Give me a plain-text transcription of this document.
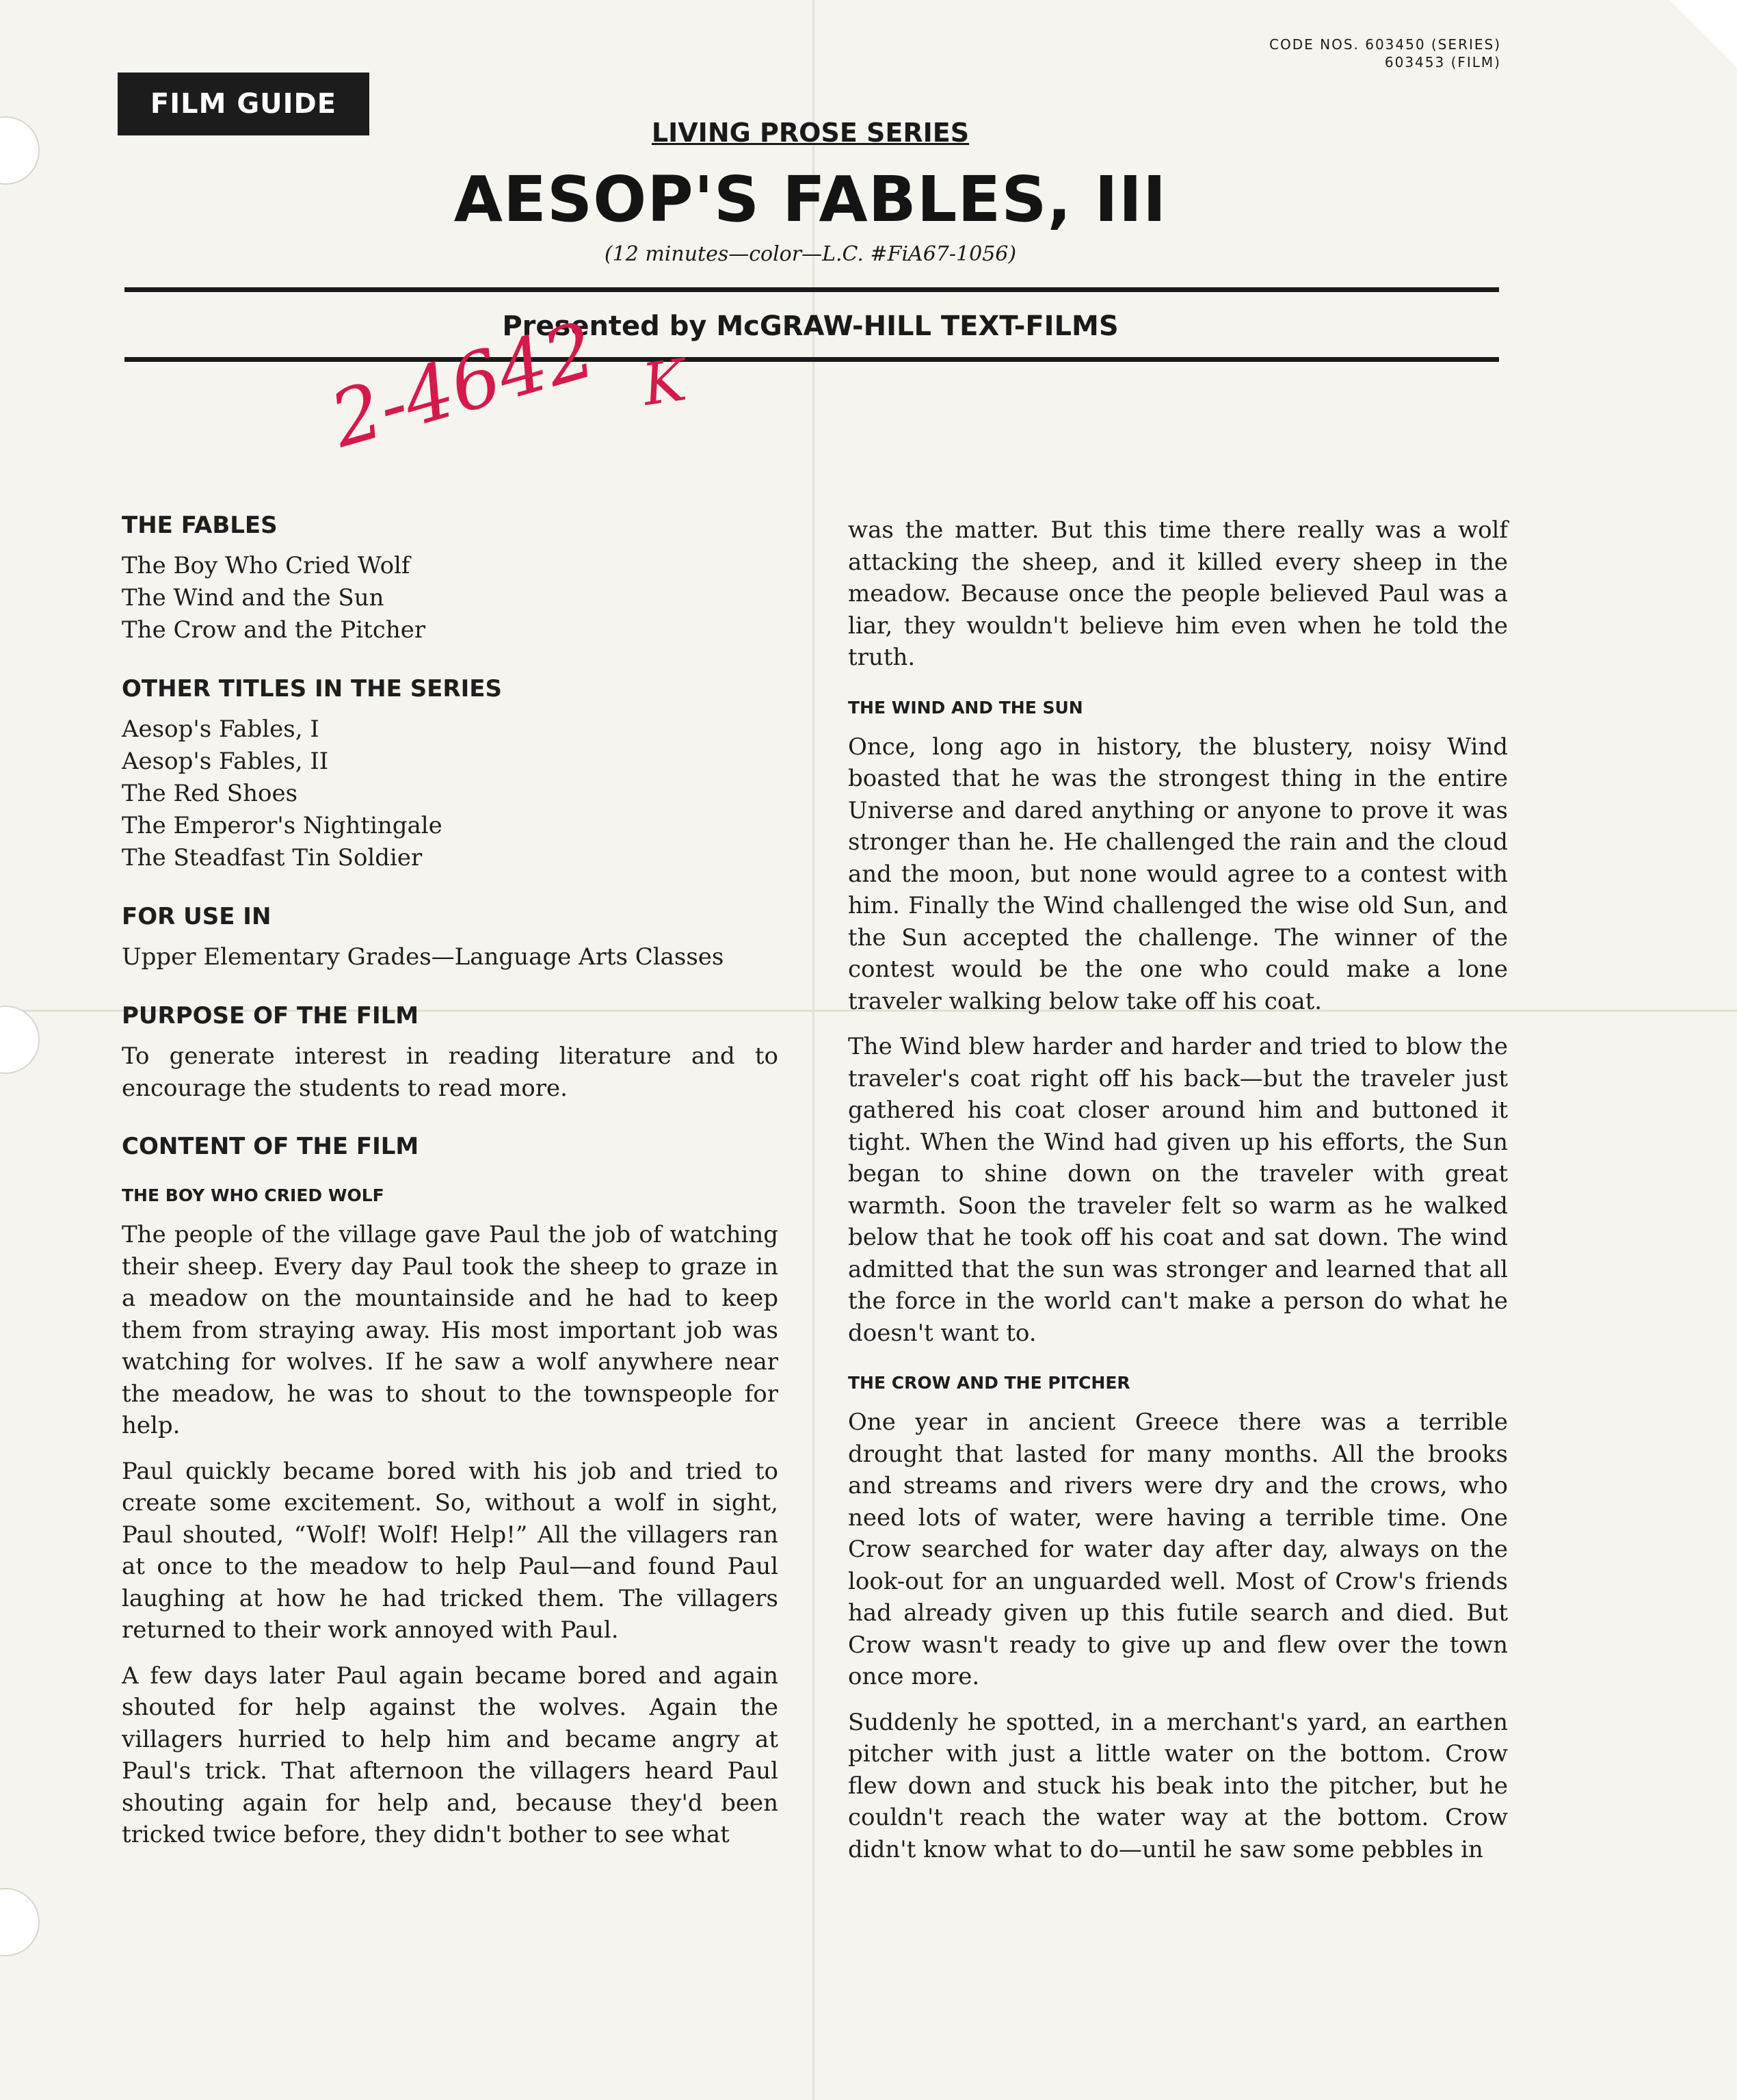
CODE NOS. 603450 (SERIES)
603453 (FILM)
FILM GUIDE
LIVING PROSE SERIES
AESOP'S FABLES, III
(12 minutes—color—L.C. #FiA67-1056)
Presented by McGRAW-HILL TEXT-FILMS
2-4642 K
THE FABLES
The Boy Who Cried Wolf
The Wind and the Sun
The Crow and the Pitcher
OTHER TITLES IN THE SERIES
Aesop's Fables, I
Aesop's Fables, II
The Red Shoes
The Emperor's Nightingale
The Steadfast Tin Soldier
FOR USE IN
Upper Elementary Grades—Language Arts Classes
PURPOSE OF THE FILM

To generate interest in reading literature and to encourage the students to read more.

CONTENT OF THE FILM
THE BOY WHO CRIED WOLF

The people of the village gave Paul the job of watching their sheep. Every day Paul took the sheep to graze in a meadow on the mountainside and he had to keep them from straying away. His most important job was watching for wolves. If he saw a wolf anywhere near the meadow, he was to shout to the townspeople for help.

Paul quickly became bored with his job and tried to create some excitement. So, without a wolf in sight, Paul shouted, “Wolf! Wolf! Help!” All the villagers ran at once to the meadow to help Paul—and found Paul laughing at how he had tricked them. The villagers returned to their work annoyed with Paul.

A few days later Paul again became bored and again shouted for help against the wolves. Again the villagers hurried to help him and became angry at Paul's trick. That afternoon the villagers heard Paul shouting again for help and, because they'd been tricked twice before, they didn't bother to see what

was the matter. But this time there really was a wolf attacking the sheep, and it killed every sheep in the meadow. Because once the people believed Paul was a liar, they wouldn't believe him even when he told the truth.

THE WIND AND THE SUN

Once, long ago in history, the blustery, noisy Wind boasted that he was the strongest thing in the entire Universe and dared anything or anyone to prove it was stronger than he. He challenged the rain and the cloud and the moon, but none would agree to a contest with him. Finally the Wind challenged the wise old Sun, and the Sun accepted the challenge. The winner of the contest would be the one who could make a lone traveler walking below take off his coat.

The Wind blew harder and harder and tried to blow the traveler's coat right off his back—but the traveler just gathered his coat closer around him and buttoned it tight. When the Wind had given up his efforts, the Sun began to shine down on the traveler with great warmth. Soon the traveler felt so warm as he walked below that he took off his coat and sat down. The wind admitted that the sun was stronger and learned that all the force in the world can't make a person do what he doesn't want to.

THE CROW AND THE PITCHER

One year in ancient Greece there was a terrible drought that lasted for many months. All the brooks and streams and rivers were dry and the crows, who need lots of water, were having a terrible time. One Crow searched for water day after day, always on the look-out for an unguarded well. Most of Crow's friends had already given up this futile search and died. But Crow wasn't ready to give up and flew over the town once more.

Suddenly he spotted, in a merchant's yard, an earthen pitcher with just a little water on the bottom. Crow flew down and stuck his beak into the pitcher, but he couldn't reach the water way at the bottom. Crow didn't know what to do—until he saw some pebbles in
